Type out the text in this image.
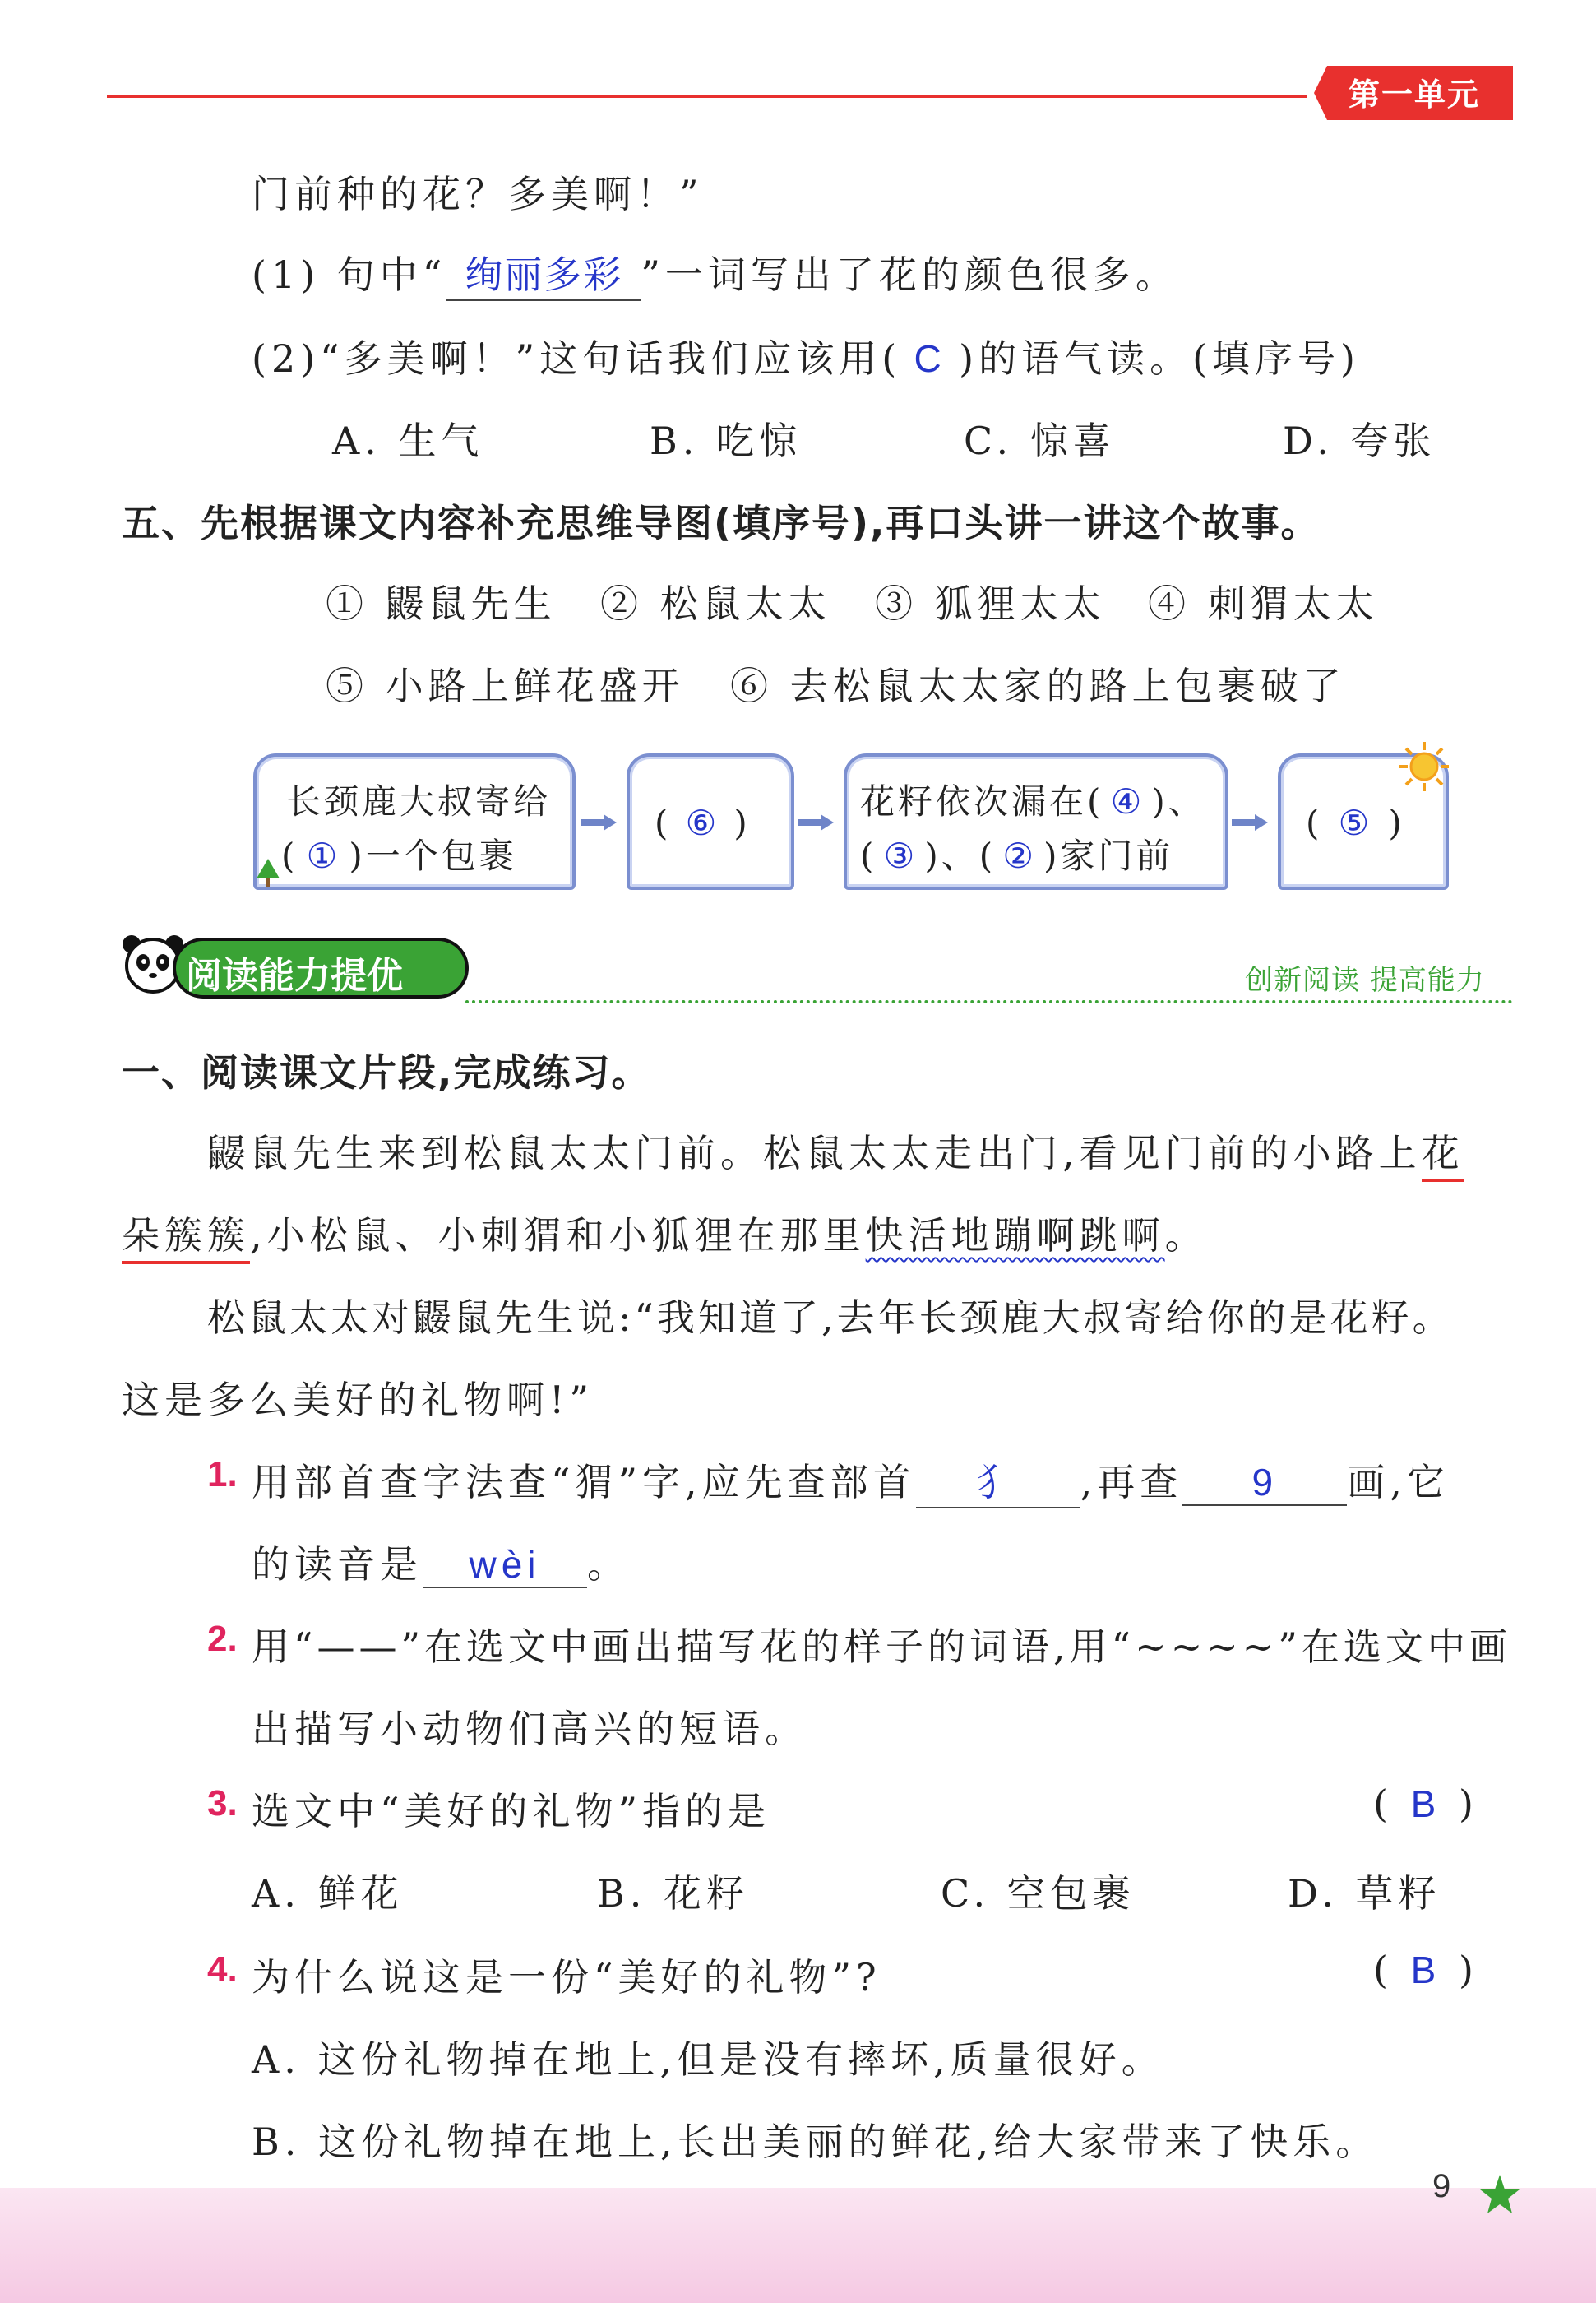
第一单元
门前种的花？多美啊！”
(1) 句中“ 绚丽多彩 ”一词写出了花的颜色很多。
(2)“多美啊！”这句话我们应该用( C )的语气读。(填序号)
A. 生气	B. 吃惊	C. 惊喜	D. 夸张
五、先根据课文内容补充思维导图(填序号),再口头讲一讲这个故事。
① 鼹鼠先生 ② 松鼠太太 ③ 狐狸太太 ④ 刺猬太太
⑤ 小路上鲜花盛开 ⑥ 去松鼠太太家的路上包裹破了
长颈鹿大叔寄给
( ① )一个包裹
( ⑥ )
花籽依次漏在( ④ )、
( ③ )、( ② )家门前
( ⑤ )
阅读能力提优	创新阅读 提高能力
一、阅读课文片段,完成练习。
鼹鼠先生来到松鼠太太门前。松鼠太太走出门,看见门前的小路上花
朵簇簇,小松鼠、小刺猬和小狐狸在那里快活地蹦啊跳啊。
松鼠太太对鼹鼠先生说:“我知道了,去年长颈鹿大叔寄给你的是花籽。
这是多么美好的礼物啊!”
1. 用部首查字法查“猬”字,应先查部首 犭 ,再查 9 画,它
的读音是 wèi 。
2. 用“——”在选文中画出描写花的样子的词语,用“~~~~”在选文中画
出描写小动物们高兴的短语。
3. 选文中“美好的礼物”指的是	( B )
A. 鲜花	B. 花籽	C. 空包裹	D. 草籽
4. 为什么说这是一份“美好的礼物”?	( B )
A. 这份礼物掉在地上,但是没有摔坏,质量很好。
B. 这份礼物掉在地上,长出美丽的鲜花,给大家带来了快乐。
9
